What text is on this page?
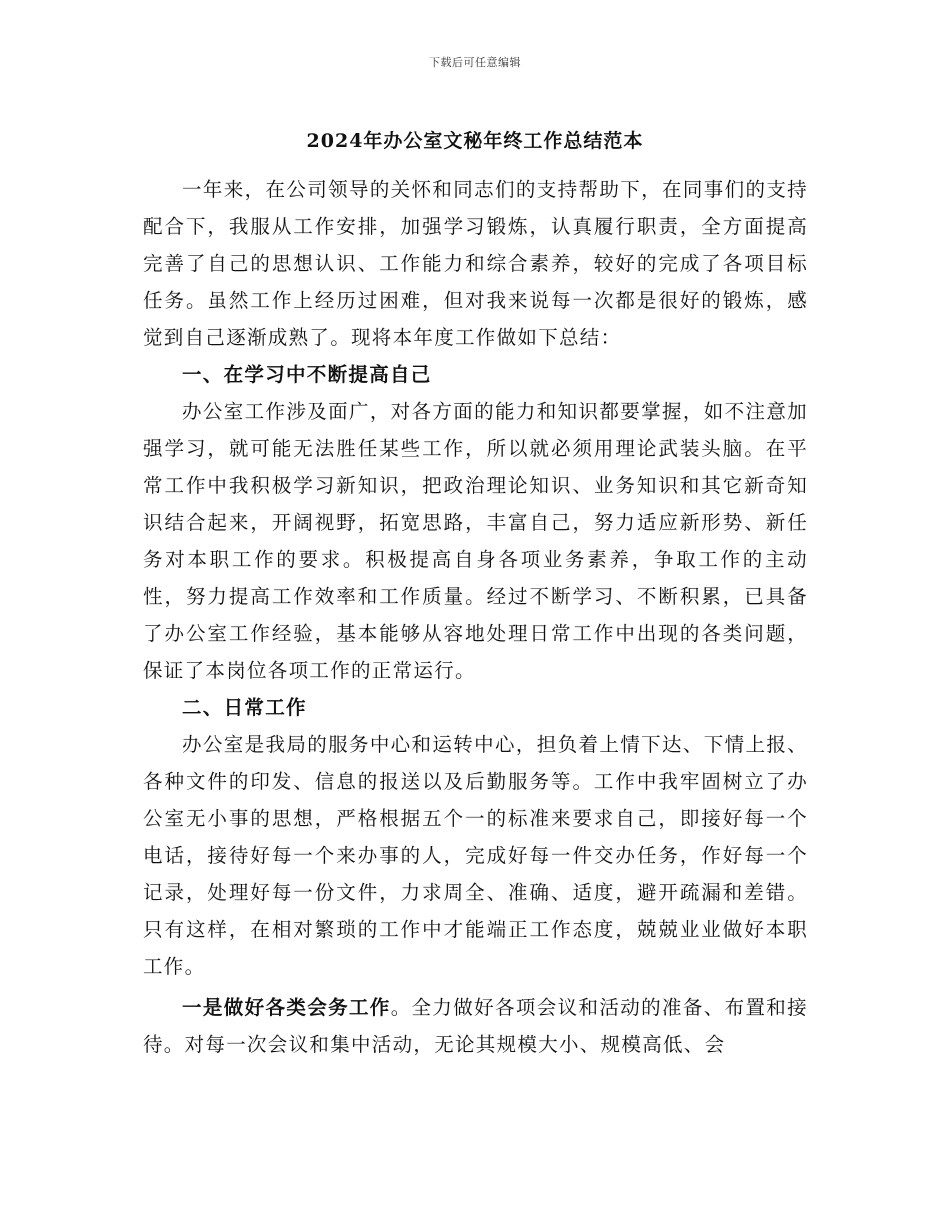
下载后可任意编辑
2024年办公室文秘年终工作总结范本

一年来，在公司领导的关怀和同志们的支持帮助下，在同事们的支持配合下，我服从工作安排，加强学习锻炼，认真履行职责，全方面提高完善了自己的思想认识、工作能力和综合素养，较好的完成了各项目标任务。虽然工作上经历过困难，但对我来说每一次都是很好的锻炼，感觉到自己逐渐成熟了。现将本年度工作做如下总结：

一、在学习中不断提高自己

办公室工作涉及面广，对各方面的能力和知识都要掌握，如不注意加强学习，就可能无法胜任某些工作，所以就必须用理论武装头脑。在平常工作中我积极学习新知识，把政治理论知识、业务知识和其它新奇知识结合起来，开阔视野，拓宽思路，丰富自己，努力适应新形势、新任务对本职工作的要求。积极提高自身各项业务素养，争取工作的主动性，努力提高工作效率和工作质量。经过不断学习、不断积累，已具备了办公室工作经验，基本能够从容地处理日常工作中出现的各类问题，保证了本岗位各项工作的正常运行。

二、日常工作

办公室是我局的服务中心和运转中心，担负着上情下达、下情上报、各种文件的印发、信息的报送以及后勤服务等。工作中我牢固树立了办公室无小事的思想，严格根据五个一的标准来要求自己，即接好每一个电话，接待好每一个来办事的人，完成好每一件交办任务，作好每一个记录，处理好每一份文件，力求周全、准确、适度，避开疏漏和差错。只有这样，在相对繁琐的工作中才能端正工作态度，兢兢业业做好本职工作。

一是做好各类会务工作。全力做好各项会议和活动的准备、布置和接待。对每一次会议和集中活动，无论其规模大小、规模高低、会
